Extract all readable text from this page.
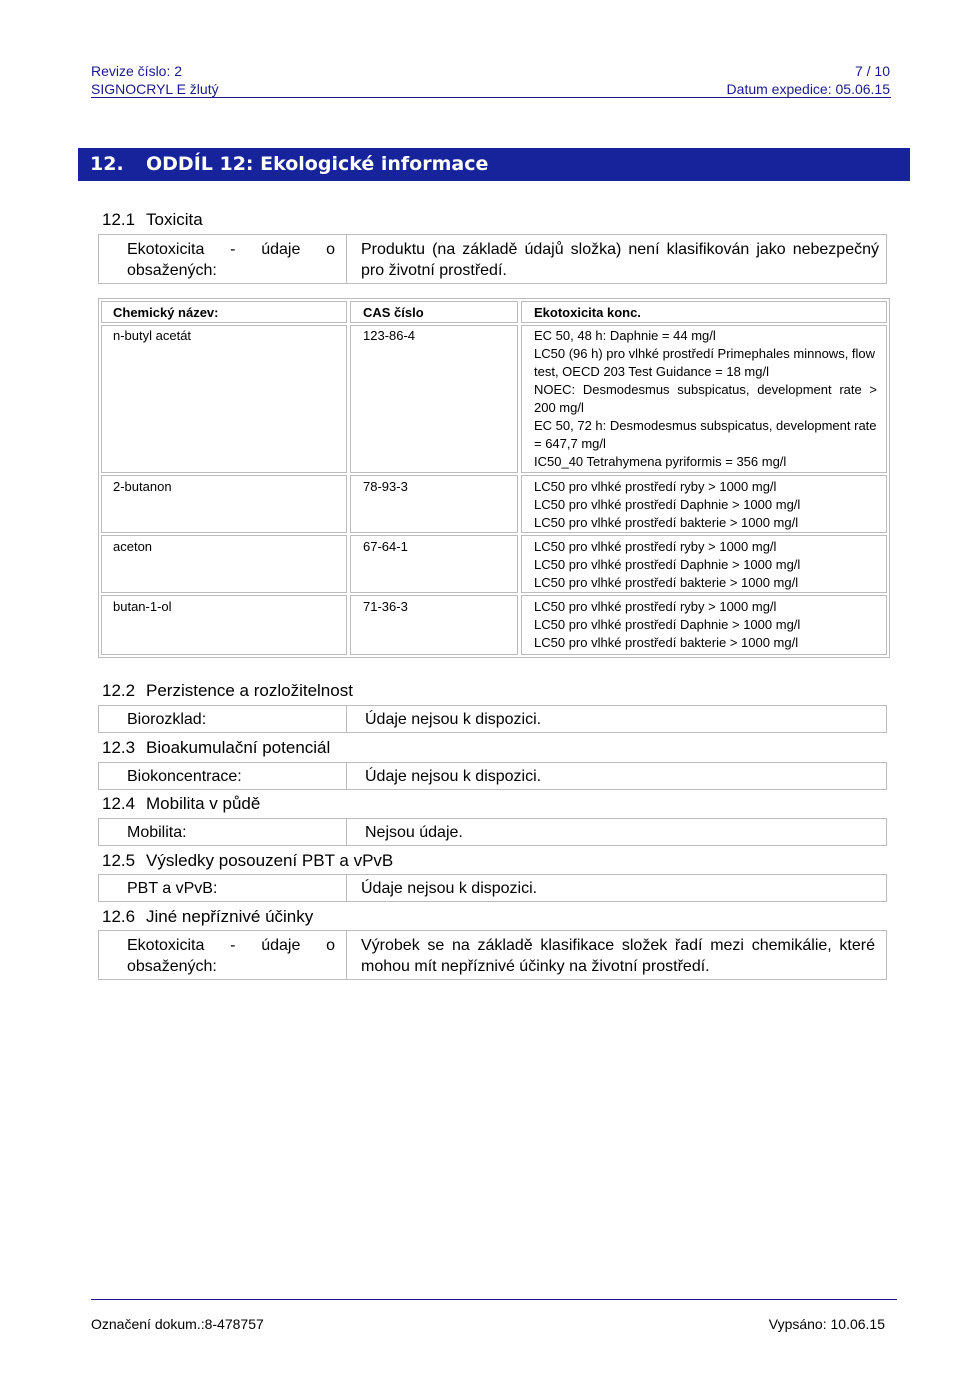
Revize číslo: 2
SIGNOCRYL E žlutý
7 / 10
Datum expedice: 05.06.15
12. ODDÍL 12: Ekologické informace
12.1 Toxicita
Ekotoxicita - údaje o obsažených:
Produktu (na základě údajů složka) není klasifikován jako nebezpečný pro životní prostředí.
Chemický název:	CAS číslo	Ekotoxicita konc.
n-butyl acetát	123-86-4	EC 50, 48 h: Daphnie = 44 mg/l
LC50 (96 h) pro vlhké prostředí Primephales minnows, flow
test, OECD 203 Test Guidance = 18 mg/l
NOEC: Desmodesmus subspicatus, development rate >
200 mg/l
EC 50, 72 h: Desmodesmus subspicatus, development rate
= 647,7 mg/l
IC50_40 Tetrahymena pyriformis = 356 mg/l
2-butanon	78-93-3	LC50 pro vlhké prostředí ryby > 1000 mg/l
LC50 pro vlhké prostředí Daphnie > 1000 mg/l
LC50 pro vlhké prostředí bakterie > 1000 mg/l
aceton	67-64-1	LC50 pro vlhké prostředí ryby > 1000 mg/l
LC50 pro vlhké prostředí Daphnie > 1000 mg/l
LC50 pro vlhké prostředí bakterie > 1000 mg/l
butan-1-ol	71-36-3	LC50 pro vlhké prostředí ryby > 1000 mg/l
LC50 pro vlhké prostředí Daphnie > 1000 mg/l
LC50 pro vlhké prostředí bakterie > 1000 mg/l
12.2 Perzistence a rozložitelnost
Biorozklad:	Údaje nejsou k dispozici.
12.3 Bioakumulační potenciál
Biokoncentrace:	Údaje nejsou k dispozici.
12.4 Mobilita v půdě
Mobilita:	Nejsou údaje.
12.5 Výsledky posouzení PBT a vPvB
PBT a vPvB:	Údaje nejsou k dispozici.
12.6 Jiné nepříznivé účinky
Ekotoxicita - údaje o obsažených:
Výrobek se na základě klasifikace složek řadí mezi chemikálie, které mohou mít nepříznivé účinky na životní prostředí.
Označení dokum.:8-478757	Vypsáno: 10.06.15
